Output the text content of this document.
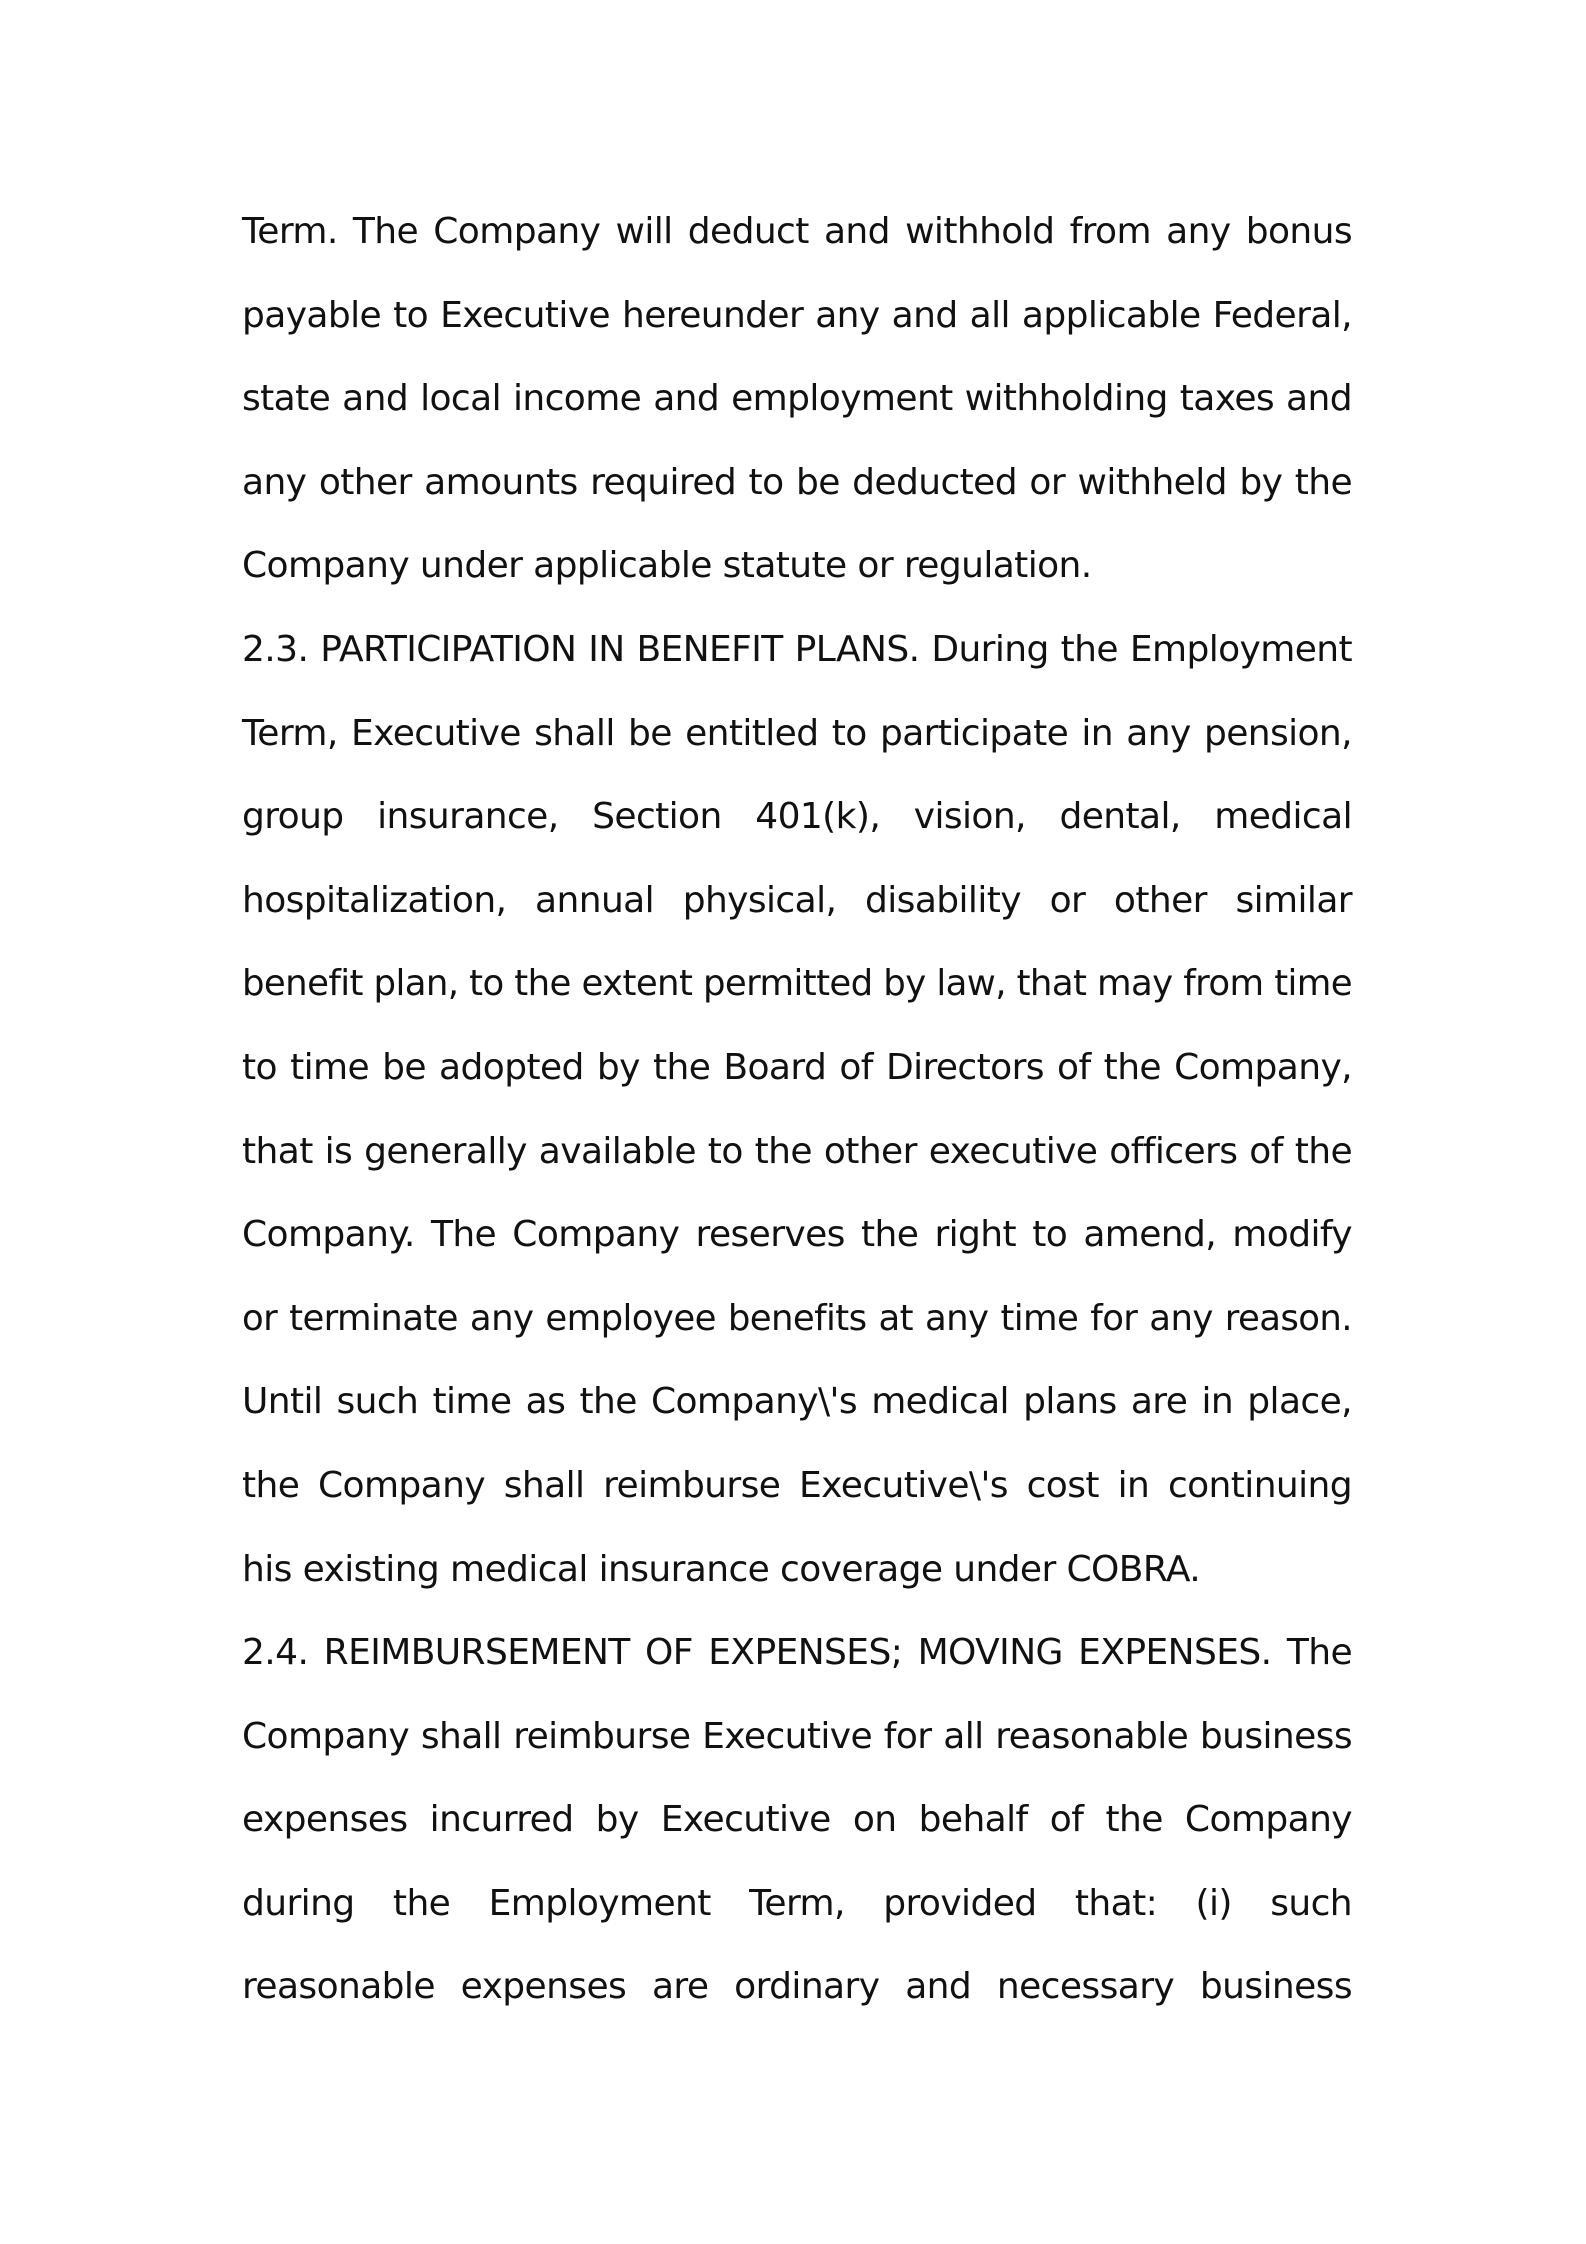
Term. The Company will deduct and withhold from any bonus
payable to Executive hereunder any and all applicable Federal,
state and local income and employment withholding taxes and
any other amounts required to be deducted or withheld by the
Company under applicable statute or regulation.
2.3. PARTICIPATION IN BENEFIT PLANS. During the Employment
Term, Executive shall be entitled to participate in any pension,
group insurance, Section 401(k), vision, dental, medical
hospitalization, annual physical, disability or other similar
benefit plan, to the extent permitted by law, that may from time
to time be adopted by the Board of Directors of the Company,
that is generally available to the other executive officers of the
Company. The Company reserves the right to amend, modify
or terminate any employee benefits at any time for any reason.
Until such time as the Company\'s medical plans are in place,
the Company shall reimburse Executive\'s cost in continuing
his existing medical insurance coverage under COBRA.
2.4. REIMBURSEMENT OF EXPENSES; MOVING EXPENSES. The
Company shall reimburse Executive for all reasonable business
expenses incurred by Executive on behalf of the Company
during the Employment Term, provided that: (i) such
reasonable expenses are ordinary and necessary business
